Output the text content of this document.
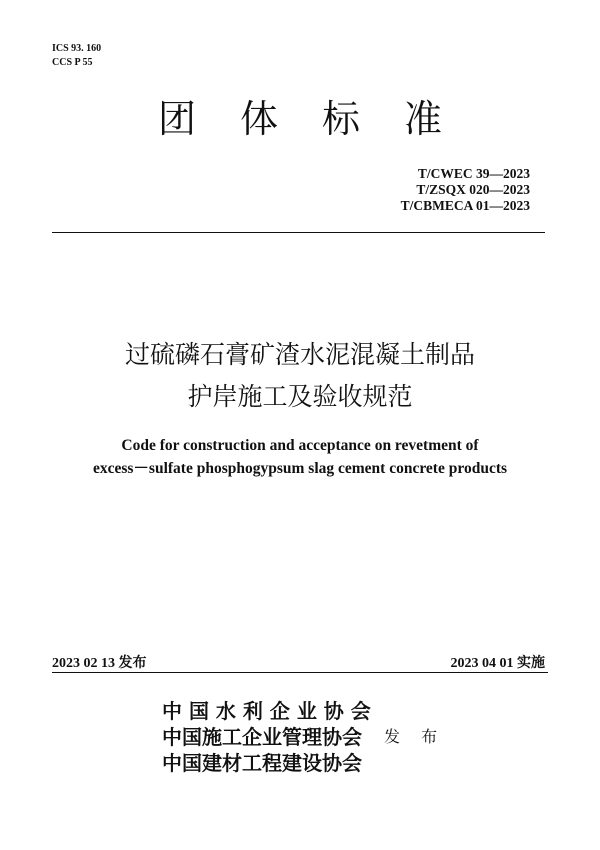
ICS 93. 160
CCS P 55
团体标准
T/CWEC 39—2023
T/ZSQX 020—2023
T/CBMECA 01—2023
过硫磷石膏矿渣水泥混凝土制品
护岸施工及验收规范
Code for construction and acceptance on revetment of
excess－sulfate phosphogypsum slag cement concrete products
2023 02 13 发布	2023 04 01 实施
中 国 水 利 企 业 协 会
中国施工企业管理协会
中国建材工程建设协会
发 布
